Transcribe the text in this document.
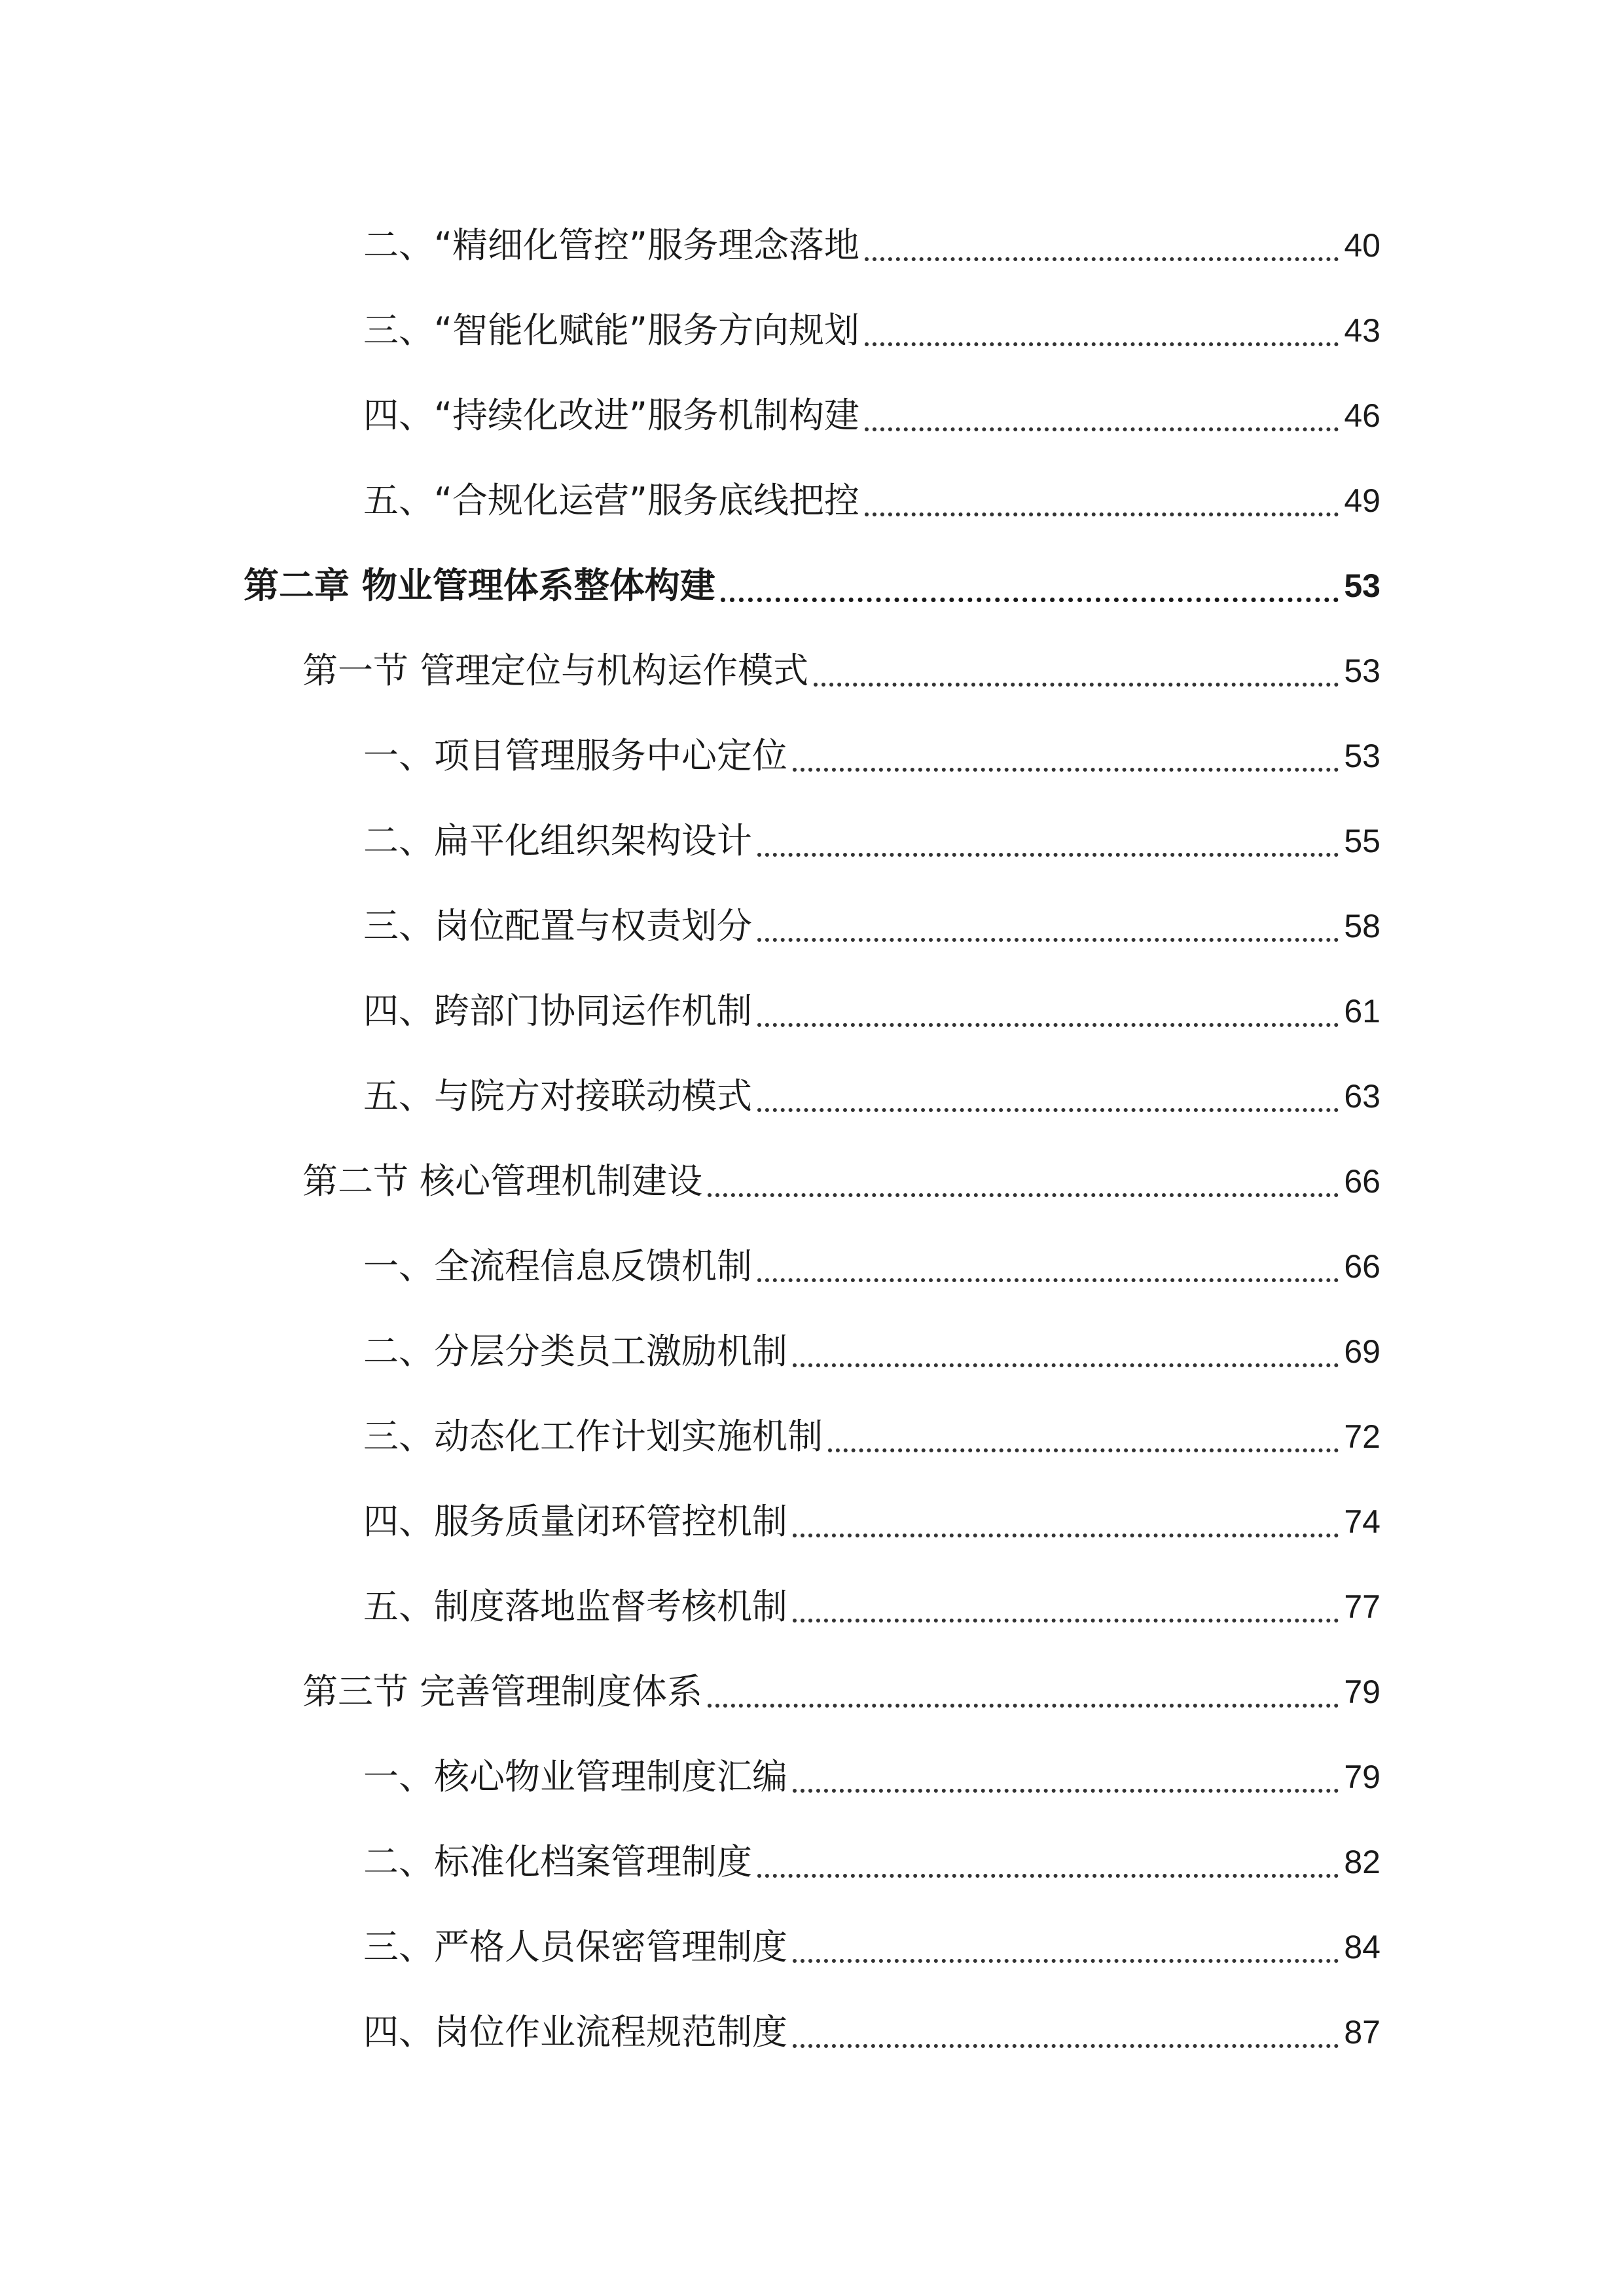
二、“精细化管控”服务理念落地	40
三、“智能化赋能”服务方向规划	43
四、“持续化改进”服务机制构建	46
五、“合规化运营”服务底线把控	49
第二章 物业管理体系整体构建	53
第一节 管理定位与机构运作模式	53
一、项目管理服务中心定位	53
二、扁平化组织架构设计	55
三、岗位配置与权责划分	58
四、跨部门协同运作机制	61
五、与院方对接联动模式	63
第二节 核心管理机制建设	66
一、全流程信息反馈机制	66
二、分层分类员工激励机制	69
三、动态化工作计划实施机制	72
四、服务质量闭环管控机制	74
五、制度落地监督考核机制	77
第三节 完善管理制度体系	79
一、核心物业管理制度汇编	79
二、标准化档案管理制度	82
三、严格人员保密管理制度	84
四、岗位作业流程规范制度	87
